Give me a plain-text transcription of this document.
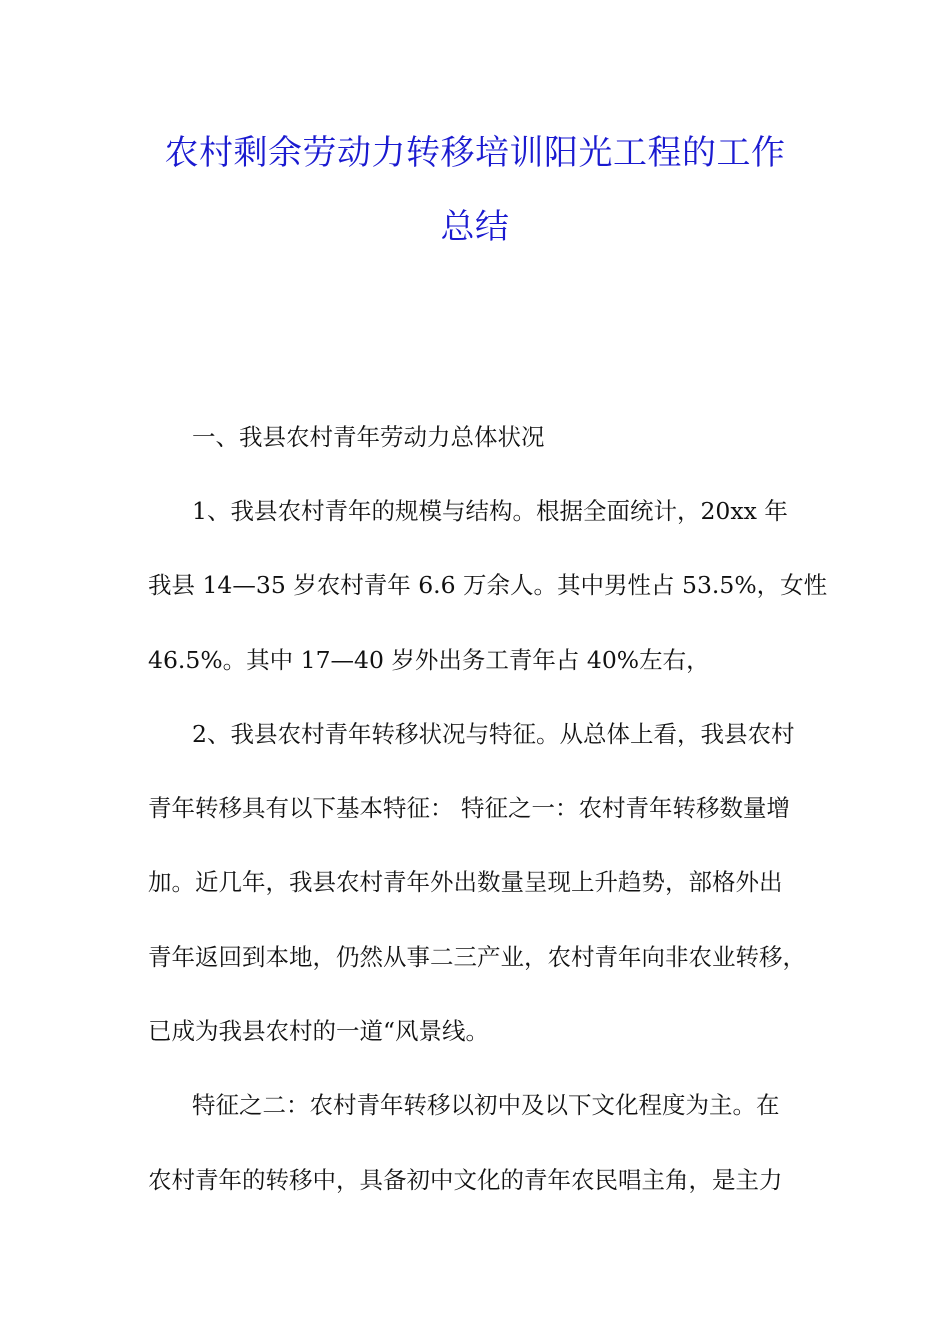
农村剩余劳动力转移培训阳光工程的工作
总结
一、我县农村青年劳动力总体状况
1、我县农村青年的规模与结构。根据全面统计，20xx 年
我县 14—35 岁农村青年 6.6 万余人。其中男性占 53.5%，女性
46.5%。其中 17—40 岁外出务工青年占 40%左右，
2、我县农村青年转移状况与特征。从总体上看，我县农村
青年转移具有以下基本特征： 特征之一：农村青年转移数量增
加。近几年，我县农村青年外出数量呈现上升趋势，部格外出
青年返回到本地，仍然从事二三产业，农村青年向非农业转移，
已成为我县农村的一道“风景线。
特征之二：农村青年转移以初中及以下文化程度为主。在
农村青年的转移中，具备初中文化的青年农民唱主角，是主力
